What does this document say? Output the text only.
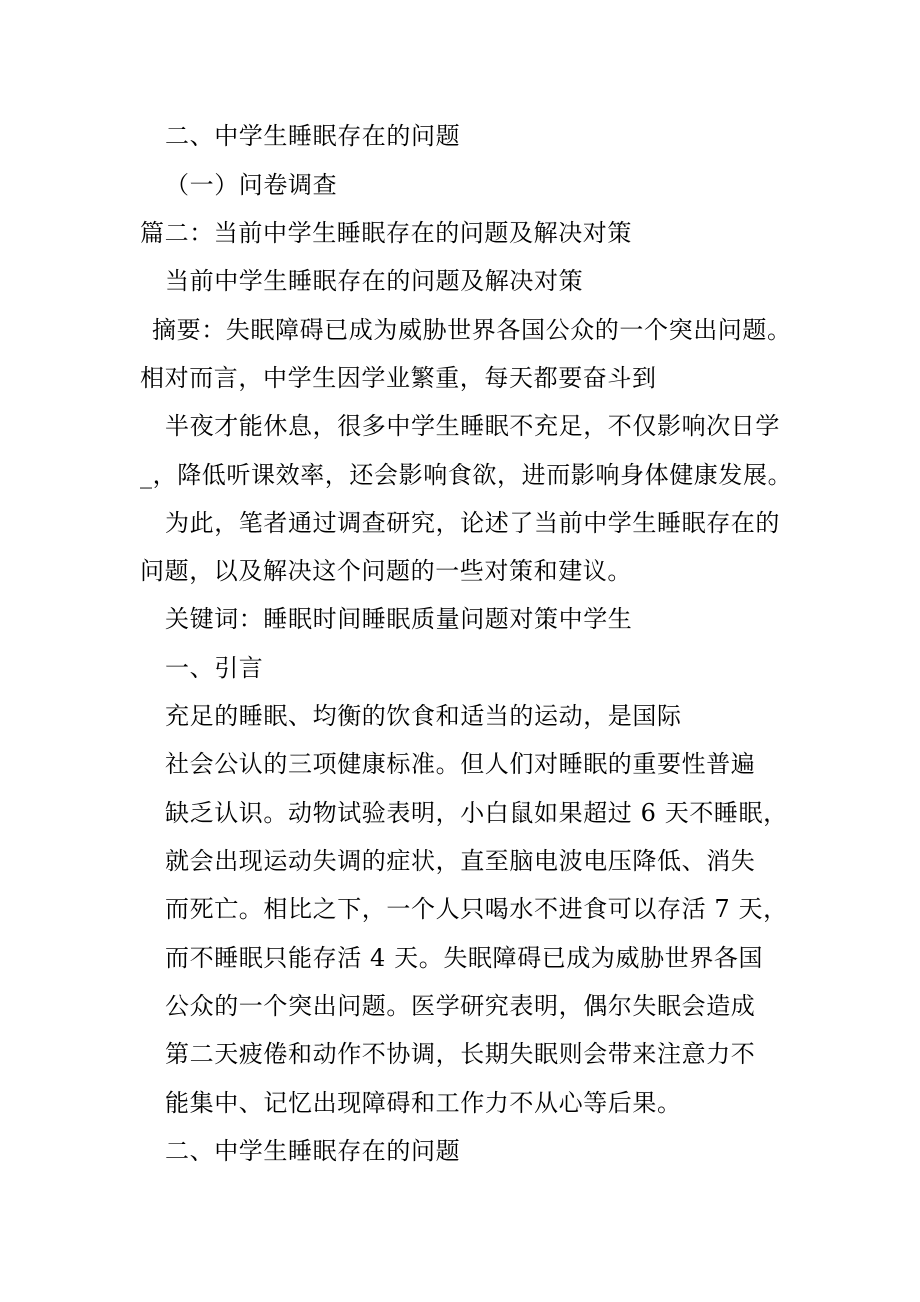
二、中学生睡眠存在的问题
（一）问卷调查
篇二：当前中学生睡眠存在的问题及解决对策
当前中学生睡眠存在的问题及解决对策
摘要：失眠障碍已成为威胁世界各国公众的一个突出问题。
相对而言，中学生因学业繁重，每天都要奋斗到
半夜才能休息，很多中学生睡眠不充足，不仅影响次日学
_，降低听课效率，还会影响食欲，进而影响身体健康发展。
为此，笔者通过调查研究，论述了当前中学生睡眠存在的
问题，以及解决这个问题的一些对策和建议。
关键词：睡眠时间睡眠质量问题对策中学生
一、引言
充足的睡眠、均衡的饮食和适当的运动，是国际
社会公认的三项健康标准。但人们对睡眠的重要性普遍
缺乏认识。动物试验表明，小白鼠如果超过 6 天不睡眠，
就会出现运动失调的症状，直至脑电波电压降低、消失
而死亡。相比之下，一个人只喝水不进食可以存活 7 天，
而不睡眠只能存活 4 天。失眠障碍已成为威胁世界各国
公众的一个突出问题。医学研究表明，偶尔失眠会造成
第二天疲倦和动作不协调，长期失眠则会带来注意力不
能集中、记忆出现障碍和工作力不从心等后果。
二、中学生睡眠存在的问题
